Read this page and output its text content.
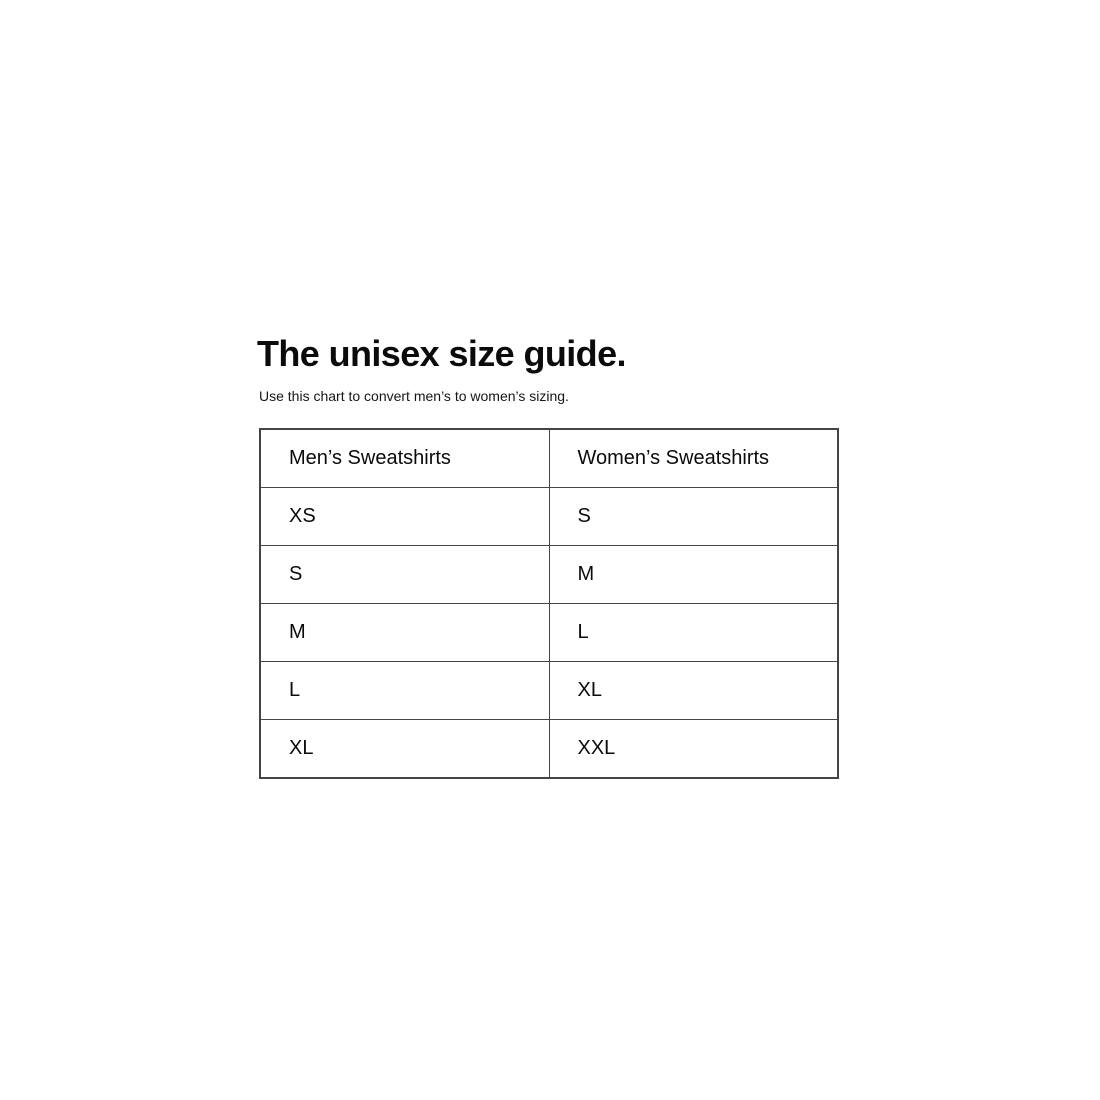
The unisex size guide.
Use this chart to convert men’s to women’s sizing.
Men’s Sweatshirts	Women’s Sweatshirts
XS	S
S	M
M	L
L	XL
XL	XXL
